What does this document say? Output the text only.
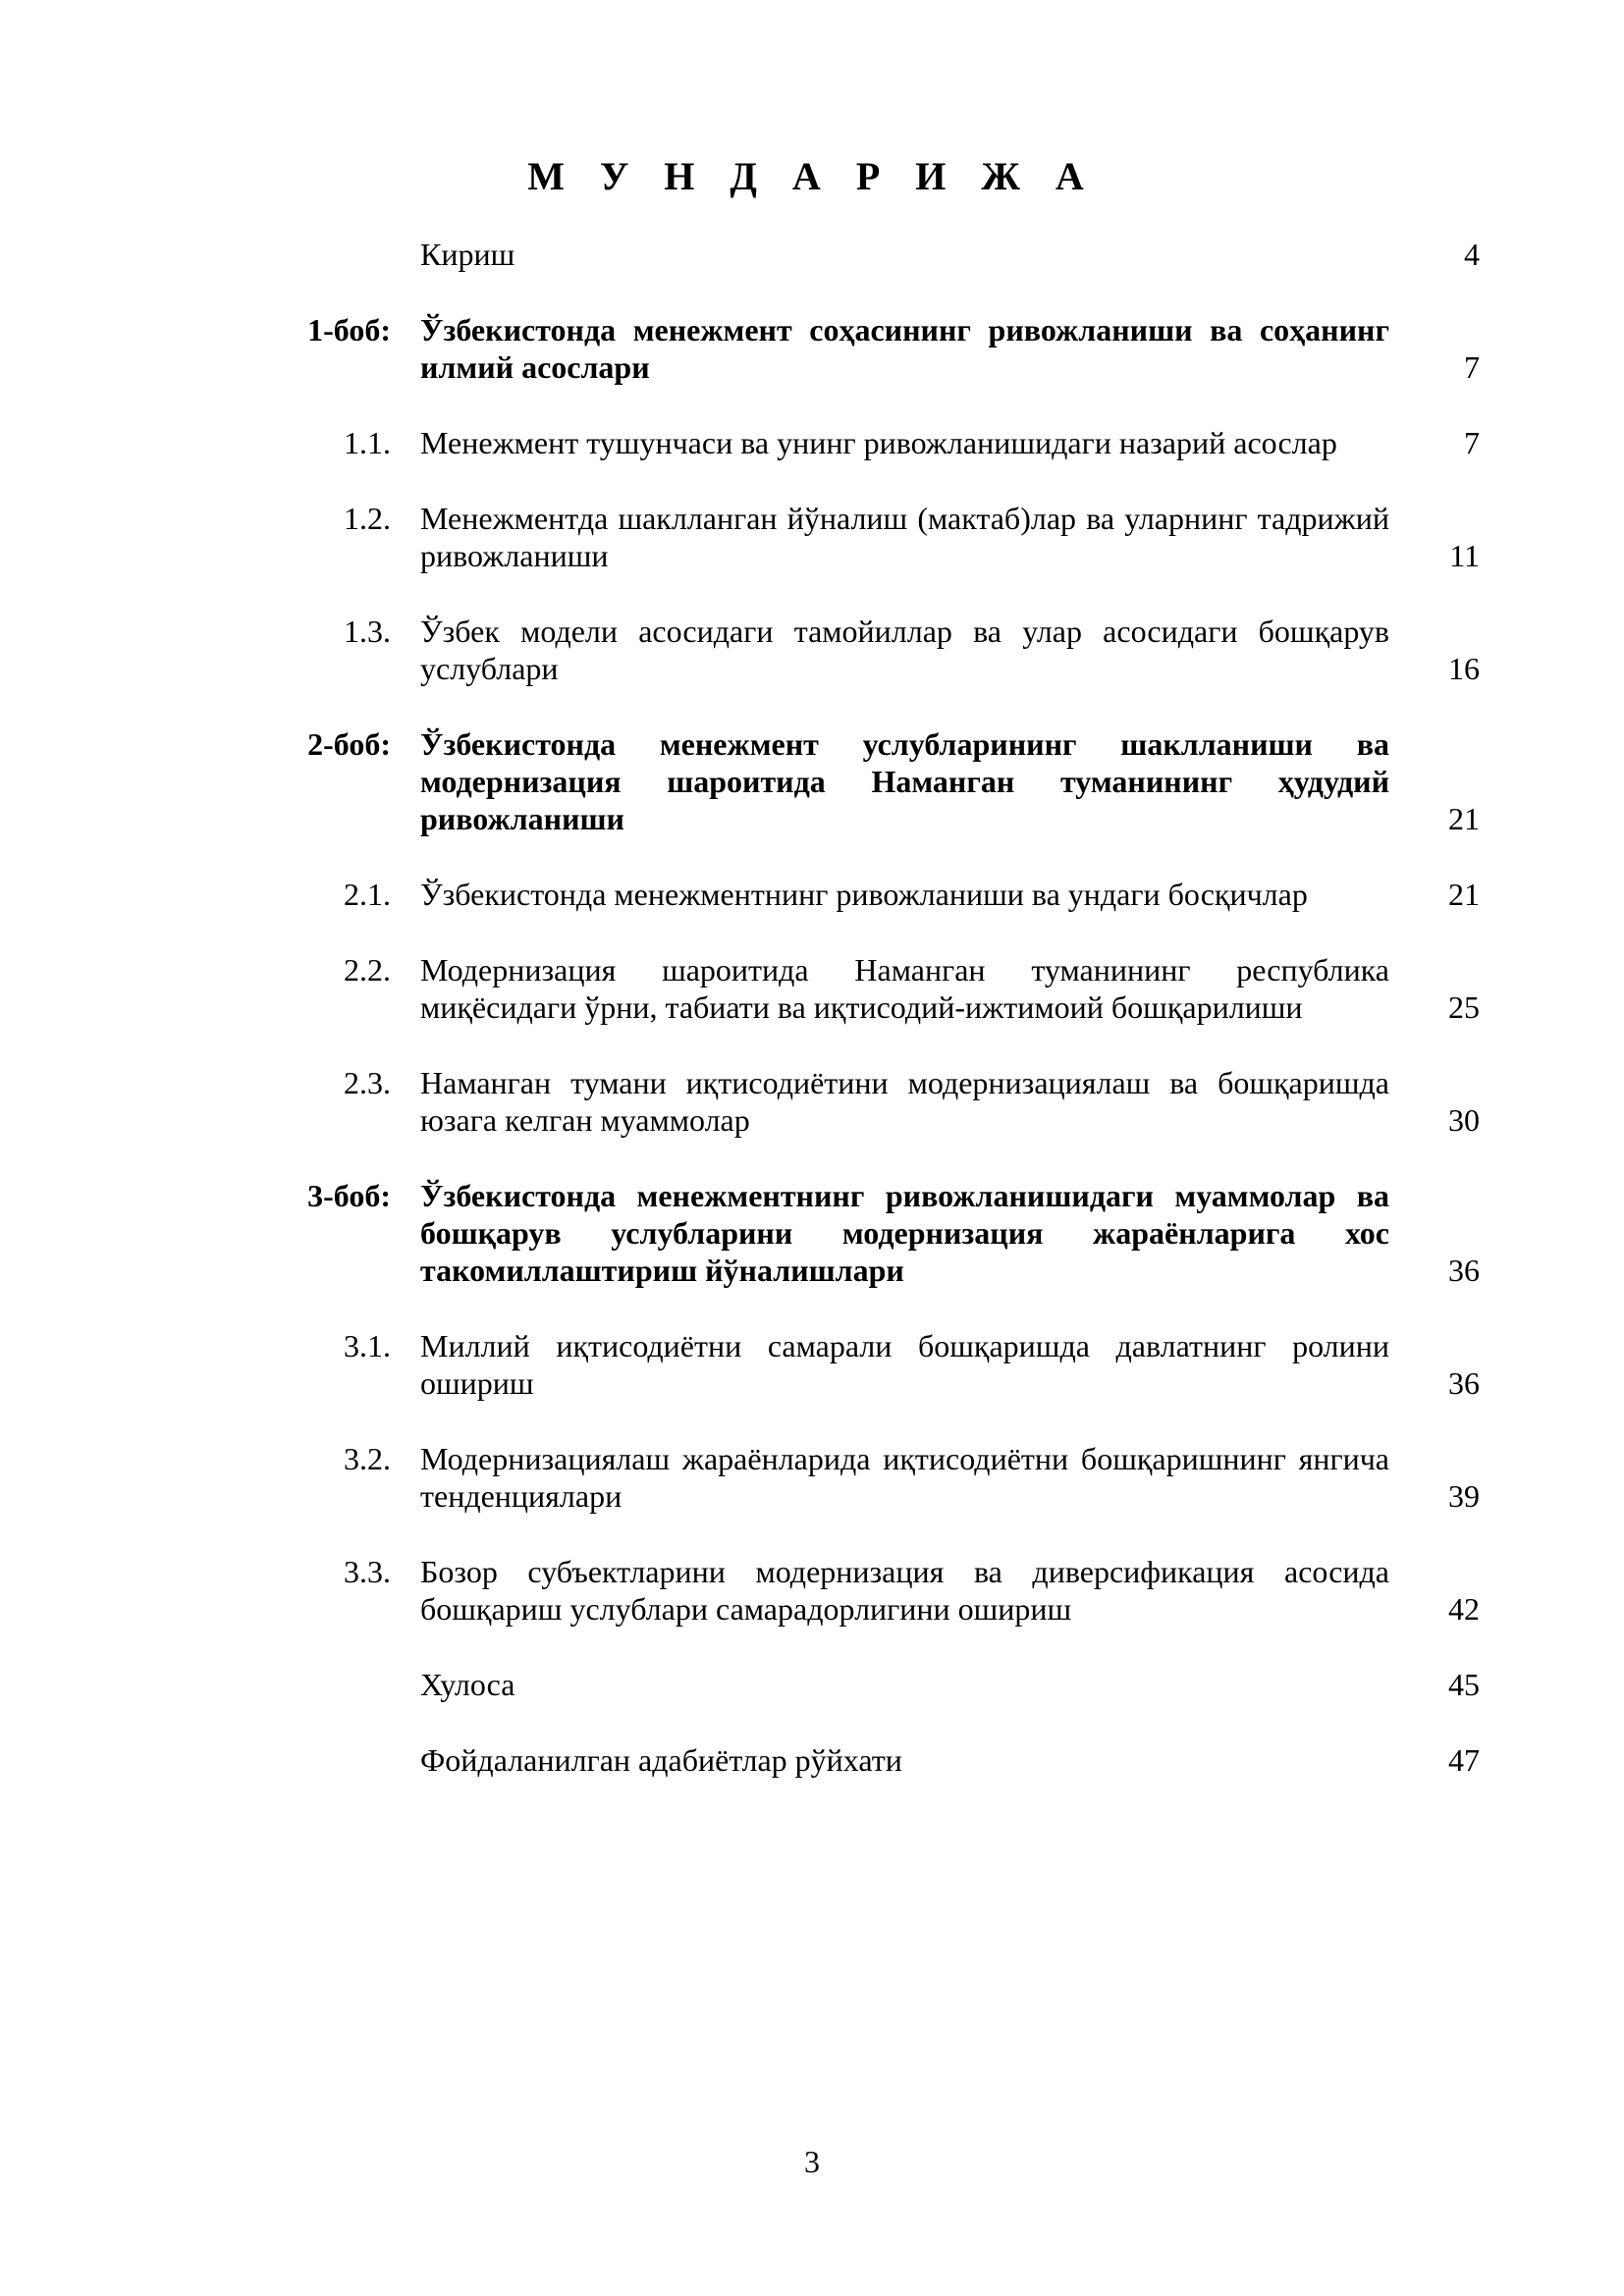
М У Н Д А Р И Ж А
Кириш	4
1-боб: Ўзбекистонда менежмент соҳасининг ривожланиши ва соҳанинг илмий асослари	7
1.1. Менежмент тушунчаси ва унинг ривожланишидаги назарий асослар	7
1.2. Менежментда шаклланган йўналиш (мактаб)лар ва уларнинг тадрижий ривожланиши	11
1.3. Ўзбек модели асосидаги тамойиллар ва улар асосидаги бошқарув услублари	16
2-боб: Ўзбекистонда менежмент услубларининг шаклланиши ва модернизация шароитида Наманган туманининг ҳудудий ривожланиши	21
2.1. Ўзбекистонда менежментнинг ривожланиши ва ундаги босқичлар	21
2.2. Модернизация шароитида Наманган туманининг республика миқёсидаги ўрни, табиати ва иқтисодий-ижтимоий бошқарилиши	25
2.3. Наманган тумани иқтисодиётини модернизациялаш ва бошқаришда юзага келган муаммолар	30
3-боб: Ўзбекистонда менежментнинг ривожланишидаги муаммолар ва бошқарув услубларини модернизация жараёнларига хос такомиллаштириш йўналишлари	36
3.1. Миллий иқтисодиётни самарали бошқаришда давлатнинг ролини ошириш	36
3.2. Модернизациялаш жараёнларида иқтисодиётни бошқаришнинг янгича тенденциялари	39
3.3. Бозор субъектларини модернизация ва диверсификация асосида бошқариш услублари самарадорлигини ошириш	42
Хулоса	45
Фойдаланилган адабиётлар рўйхати	47
3
